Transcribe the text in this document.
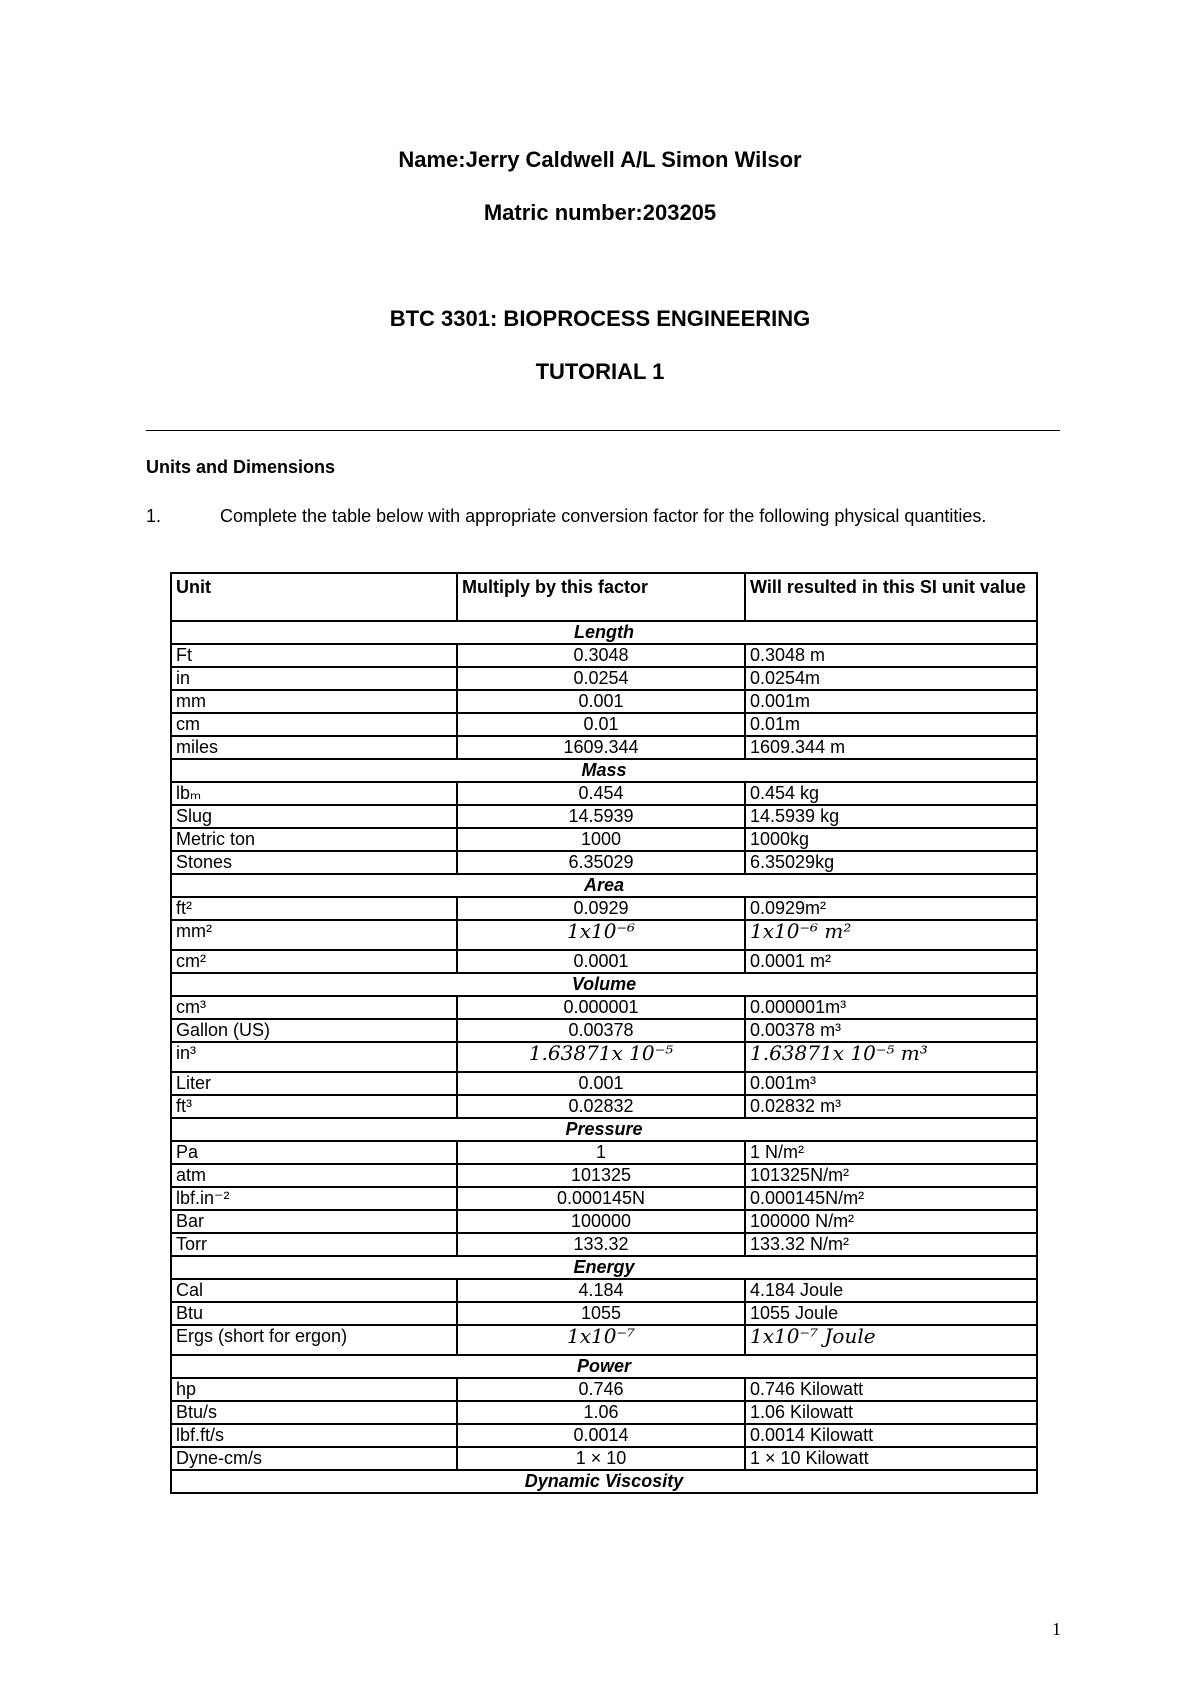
Name:Jerry Caldwell A/L Simon Wilsor
Matric number:203205
BTC 3301: BIOPROCESS ENGINEERING
TUTORIAL 1
Units and Dimensions
1.	Complete the table below with appropriate conversion factor for the following physical quantities.
Unit	Multiply by this factor	Will resulted in this SI unit value
Length		
Ft	0.3048	0.3048 m
in	0.0254	0.0254m
mm	0.001	0.001m
cm	0.01	0.01m
miles	1609.344	1609.344 m
Mass		
lbₘ	0.454	0.454 kg
Slug	14.5939	14.5939 kg
Metric ton	1000	1000kg
Stones	6.35029	6.35029kg
Area		
ft²	0.0929	0.0929m²
mm²	1x10⁻⁶	1x10⁻⁶ m²
cm²	0.0001	0.0001 m²
Volume		
cm³	0.000001	0.000001m³
Gallon (US)	0.00378	0.00378 m³
in³	1.63871x 10⁻⁵	1.63871x 10⁻⁵ m³
Liter	0.001	0.001m³
ft³	0.02832	0.02832 m³
Pressure		
Pa	1	1 N/m²
atm	101325	101325N/m²
lbf.in⁻²	0.000145N	0.000145N/m²
Bar	100000	100000 N/m²
Torr	133.32	133.32 N/m²
Energy		
Cal	4.184	4.184 Joule
Btu	1055	1055 Joule
Ergs (short for ergon)	1x10⁻⁷	1x10⁻⁷ Joule
Power		
hp	0.746	0.746 Kilowatt
Btu/s	1.06	1.06 Kilowatt
lbf.ft/s	0.0014	0.0014 Kilowatt
Dyne-cm/s	1 × 10	1 × 10 Kilowatt
Dynamic Viscosity		
1
